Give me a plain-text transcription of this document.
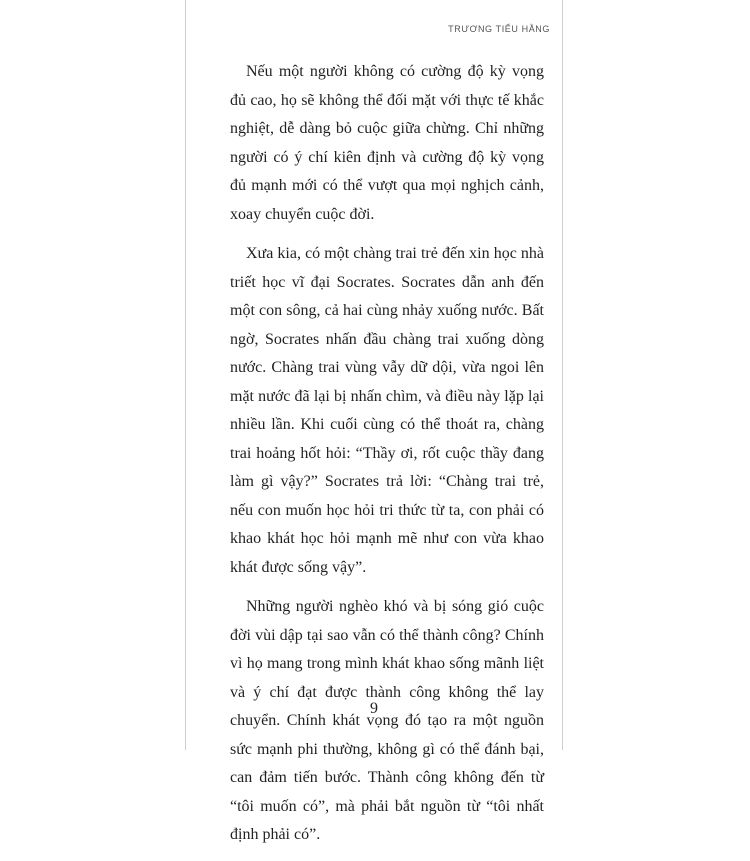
TRƯƠNG TIỂU HẰNG

Nếu một người không có cường độ kỳ vọng đủ cao, họ sẽ không thể đối mặt với thực tế khắc nghiệt, dễ dàng bỏ cuộc giữa chừng. Chỉ những người có ý chí kiên định và cường độ kỳ vọng đủ mạnh mới có thể vượt qua mọi nghịch cảnh, xoay chuyển cuộc đời.

Xưa kia, có một chàng trai trẻ đến xin học nhà triết học vĩ đại Socrates. Socrates dẫn anh đến một con sông, cả hai cùng nhảy xuống nước. Bất ngờ, Socrates nhấn đầu chàng trai xuống dòng nước. Chàng trai vùng vẫy dữ dội, vừa ngoi lên mặt nước đã lại bị nhấn chìm, và điều này lặp lại nhiều lần. Khi cuối cùng có thể thoát ra, chàng trai hoảng hốt hỏi: “Thầy ơi, rốt cuộc thầy đang làm gì vậy?” Socrates trả lời: “Chàng trai trẻ, nếu con muốn học hỏi tri thức từ ta, con phải có khao khát học hỏi mạnh mẽ như con vừa khao khát được sống vậy”.

Những người nghèo khó và bị sóng gió cuộc đời vùi dập tại sao vẫn có thể thành công? Chính vì họ mang trong mình khát khao sống mãnh liệt và ý chí đạt được thành công không thể lay chuyển. Chính khát vọng đó tạo ra một nguồn sức mạnh phi thường, không gì có thể đánh bại, can đảm tiến bước. Thành công không đến từ “tôi muốn có”, mà phải bắt nguồn từ “tôi nhất định phải có”.

9
